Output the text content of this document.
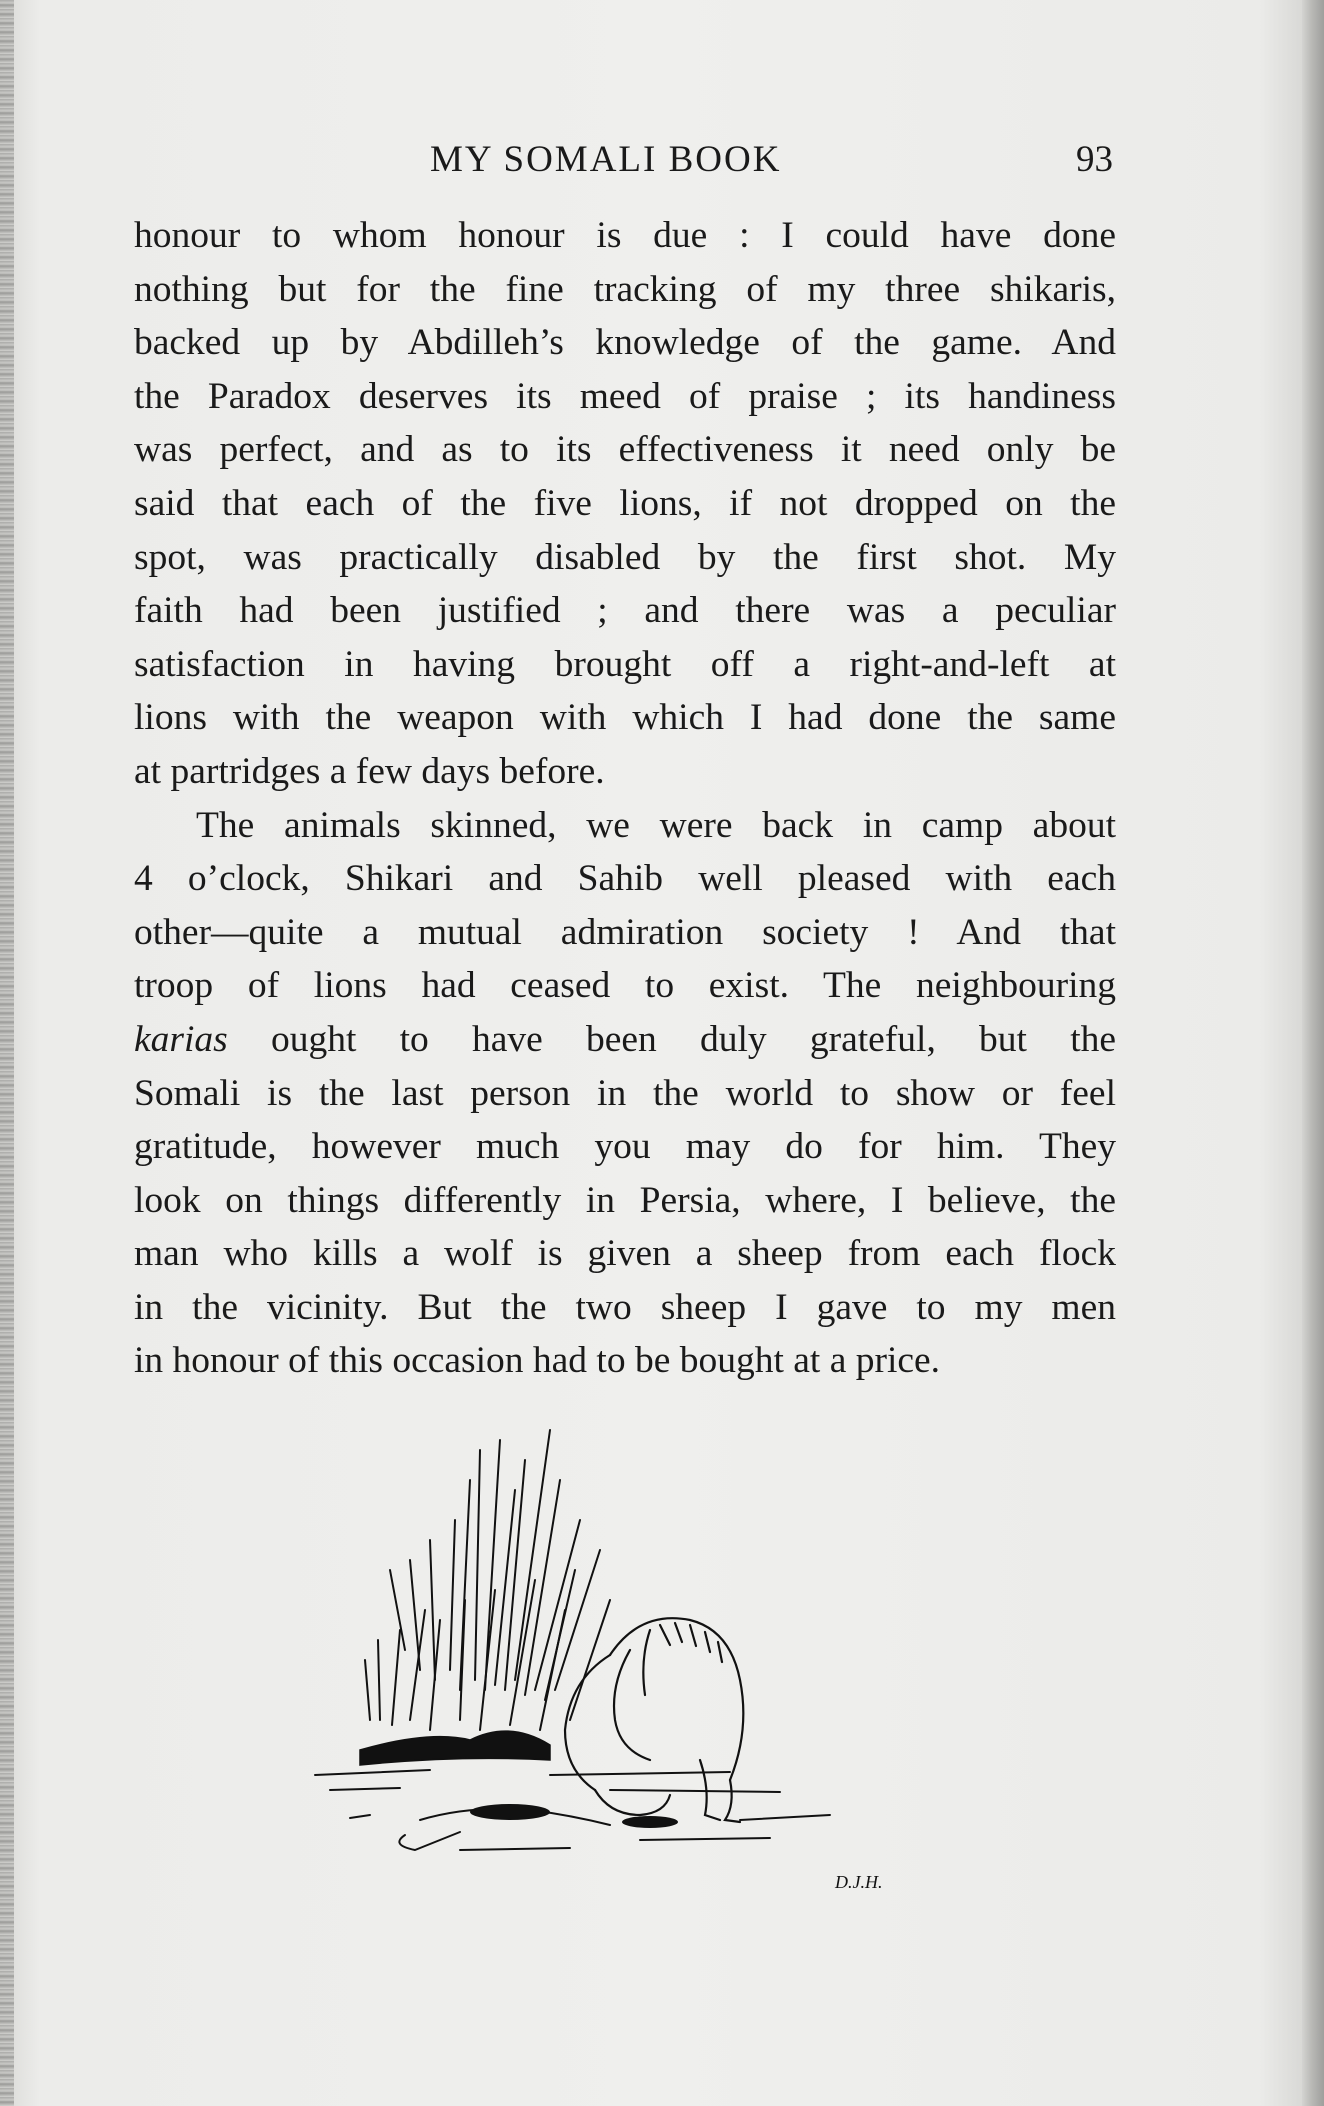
MY SOMALI BOOK	93
honour to whom honour is due : I could have done
nothing but for the fine tracking of my three shikaris,
backed up by Abdilleh’s knowledge of the game. And
the Paradox deserves its meed of praise ; its handiness
was perfect, and as to its effectiveness it need only be
said that each of the five lions, if not dropped on the
spot, was practically disabled by the first shot. My
faith had been justified ; and there was a peculiar
satisfaction in having brought off a right-and-left at
lions with the weapon with which I had done the same
at partridges a few days before.
The animals skinned, we were back in camp about
4 o’clock, Shikari and Sahib well pleased with each
other—quite a mutual admiration society ! And that
troop of lions had ceased to exist. The neighbouring
karias ought to have been duly grateful, but the
Somali is the last person in the world to show or feel
gratitude, however much you may do for him. They
look on things differently in Persia, where, I believe, the
man who kills a wolf is given a sheep from each flock
in the vicinity. But the two sheep I gave to my men
in honour of this occasion had to be bought at a price.
D.J.H.
